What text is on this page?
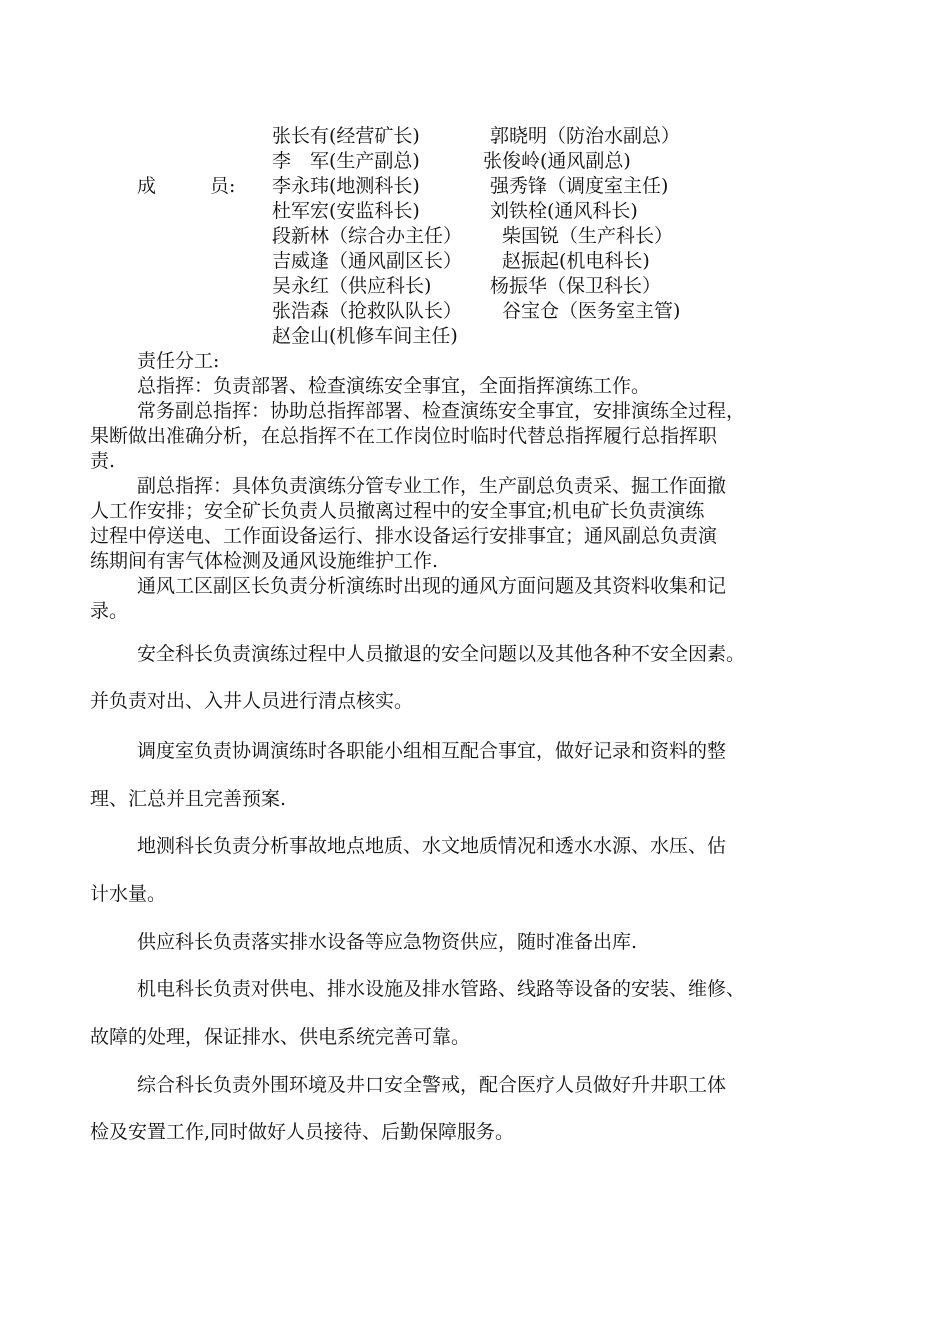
张长有(经营矿长)	郭晓明（防治水副总）
李　军(生产副总)	张俊岭(通风副总)
成	员: 李永玮(地测科长)	强秀锋（调度室主任)
杜军宏(安监科长)	刘铁栓(通风科长)
段新林（综合办主任） 柴国锐（生产科长）
吉威逢（通风副区长） 赵振起(机电科长)
吴永红（供应科长)	杨振华（保卫科长）
张浩森（抢救队队长） 谷宝仓（医务室主管)
赵金山(机修车间主任)
责任分工:
总指挥：负责部署、检查演练安全事宜，全面指挥演练工作。
常务副总指挥：协助总指挥部署、检查演练安全事宜，安排演练全过程，
果断做出准确分析，在总指挥不在工作岗位时临时代替总指挥履行总指挥职
责.
副总指挥：具体负责演练分管专业工作，生产副总负责采、掘工作面撤
人工作安排；安全矿长负责人员撤离过程中的安全事宜;机电矿长负责演练
过程中停送电、工作面设备运行、排水设备运行安排事宜；通风副总负责演
练期间有害气体检测及通风设施维护工作.
通风工区副区长负责分析演练时出现的通风方面问题及其资料收集和记
录。
安全科长负责演练过程中人员撤退的安全问题以及其他各种不安全因素。
并负责对出、入井人员进行清点核实。
调度室负责协调演练时各职能小组相互配合事宜，做好记录和资料的整
理、汇总并且完善预案.
地测科长负责分析事故地点地质、水文地质情况和透水水源、水压、估
计水量。
供应科长负责落实排水设备等应急物资供应，随时准备出库.
机电科长负责对供电、排水设施及排水管路、线路等设备的安装、维修、
故障的处理，保证排水、供电系统完善可靠。
综合科长负责外围环境及井口安全警戒，配合医疗人员做好升井职工体
检及安置工作,同时做好人员接待、后勤保障服务。
